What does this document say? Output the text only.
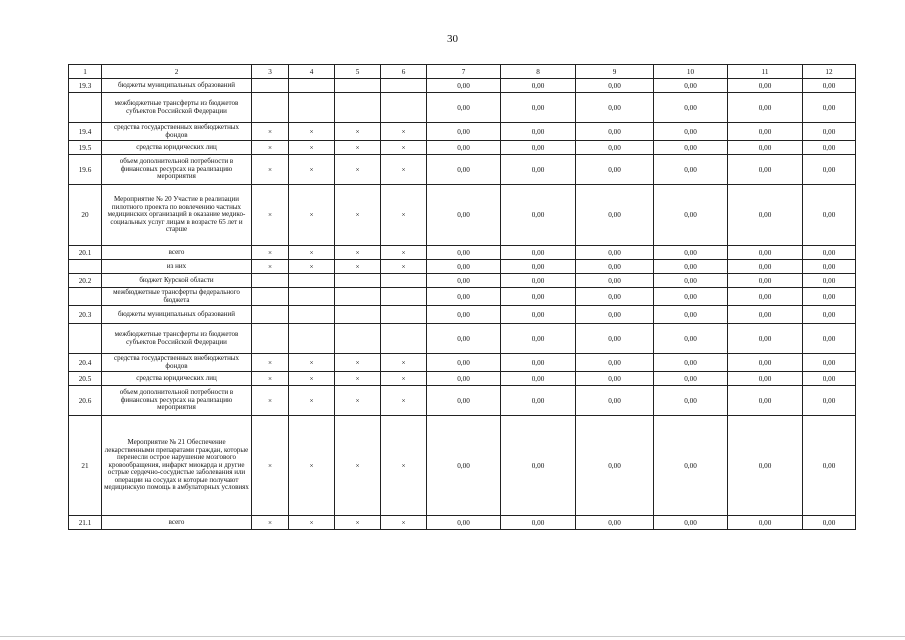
30
1	2	3	4	5	6	7	8	9	10	11	12
19.3	бюджеты муниципальных образований					0,00	0,00	0,00	0,00	0,00	0,00
	межбюджетные трансферты из бюджетов субъектов Российской Федерации					0,00	0,00	0,00	0,00	0,00	0,00
19.4	средства государственных внебюджетных фондов	×	×	×	×	0,00	0,00	0,00	0,00	0,00	0,00
19.5	средства юридических лиц	×	×	×	×	0,00	0,00	0,00	0,00	0,00	0,00
19.6	объем дополнительной потребности в финансовых ресурсах на реализацию мероприятия	×	×	×	×	0,00	0,00	0,00	0,00	0,00	0,00
20	Мероприятие № 20 Участие в реализации пилотного проекта по вовлечению частных медицинских организаций в оказание медико-социальных услуг лицам в возрасте 65 лет и старше	×	×	×	×	0,00	0,00	0,00	0,00	0,00	0,00
20.1	всего	×	×	×	×	0,00	0,00	0,00	0,00	0,00	0,00
	из них	×	×	×	×	0,00	0,00	0,00	0,00	0,00	0,00
20.2	бюджет Курской области					0,00	0,00	0,00	0,00	0,00	0,00
	межбюджетные трансферты федерального бюджета					0,00	0,00	0,00	0,00	0,00	0,00
20.3	бюджеты муниципальных образований					0,00	0,00	0,00	0,00	0,00	0,00
	межбюджетные трансферты из бюджетов субъектов Российской Федерации					0,00	0,00	0,00	0,00	0,00	0,00
20.4	средства государственных внебюджетных фондов	×	×	×	×	0,00	0,00	0,00	0,00	0,00	0,00
20.5	средства юридических лиц	×	×	×	×	0,00	0,00	0,00	0,00	0,00	0,00
20.6	объем дополнительной потребности в финансовых ресурсах на реализацию мероприятия	×	×	×	×	0,00	0,00	0,00	0,00	0,00	0,00
21	Мероприятие № 21 Обеспечение лекарственными препаратами граждан, которые перенесли острое нарушение мозгового кровообращения, инфаркт миокарда и другие острые сердечно-сосудистые заболевания или операции на сосудах и которые получают медицинскую помощь в амбулаторных условиях	×	×	×	×	0,00	0,00	0,00	0,00	0,00	0,00
21.1	всего	×	×	×	×	0,00	0,00	0,00	0,00	0,00	0,00
